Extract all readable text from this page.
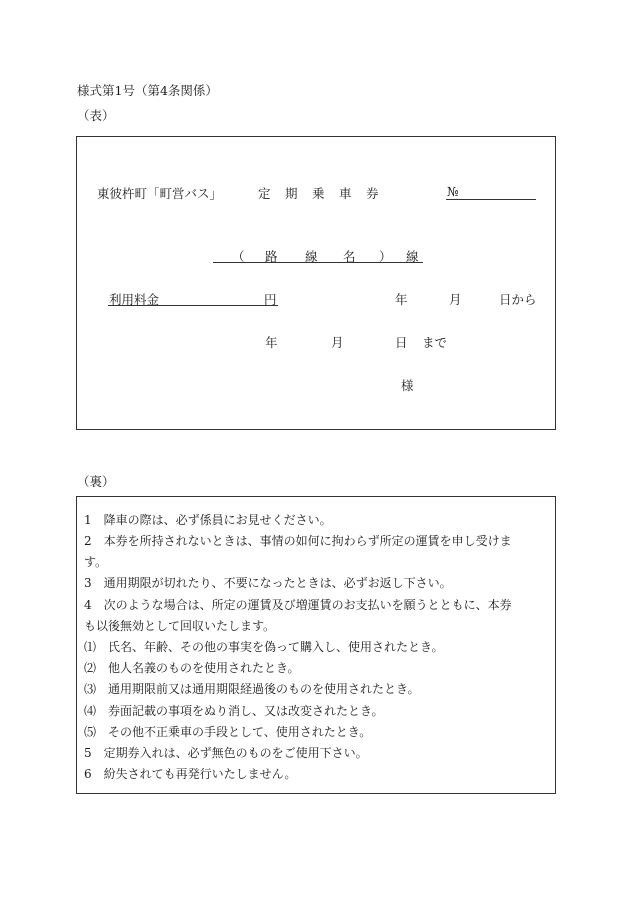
様式第1号（第4条関係）
（表）
東彼杵町「町営バス」	定 期 乗 車 券	№
（ 路 線 名 ） 線
利用料金	円	年	月	日から
年	月	日 まで
様
（裏）
1　降車の際は、必ず係員にお見せください。
2　本券を所持されないときは、事情の如何に拘わらず所定の運賃を申し受けま
す。
3　通用期限が切れたり、不要になったときは、必ずお返し下さい。
4　次のような場合は、所定の運賃及び増運賃のお支払いを願うとともに、本券
も以後無効として回収いたします。
⑴　氏名、年齢、その他の事実を偽って購入し、使用されたとき。
⑵　他人名義のものを使用されたとき。
⑶　通用期限前又は通用期限経過後のものを使用されたとき。
⑷　券面記載の事項をぬり消し、又は改変されたとき。
⑸　その他不正乗車の手段として、使用されたとき。
5　定期券入れは、必ず無色のものをご使用下さい。
6　紛失されても再発行いたしません。
